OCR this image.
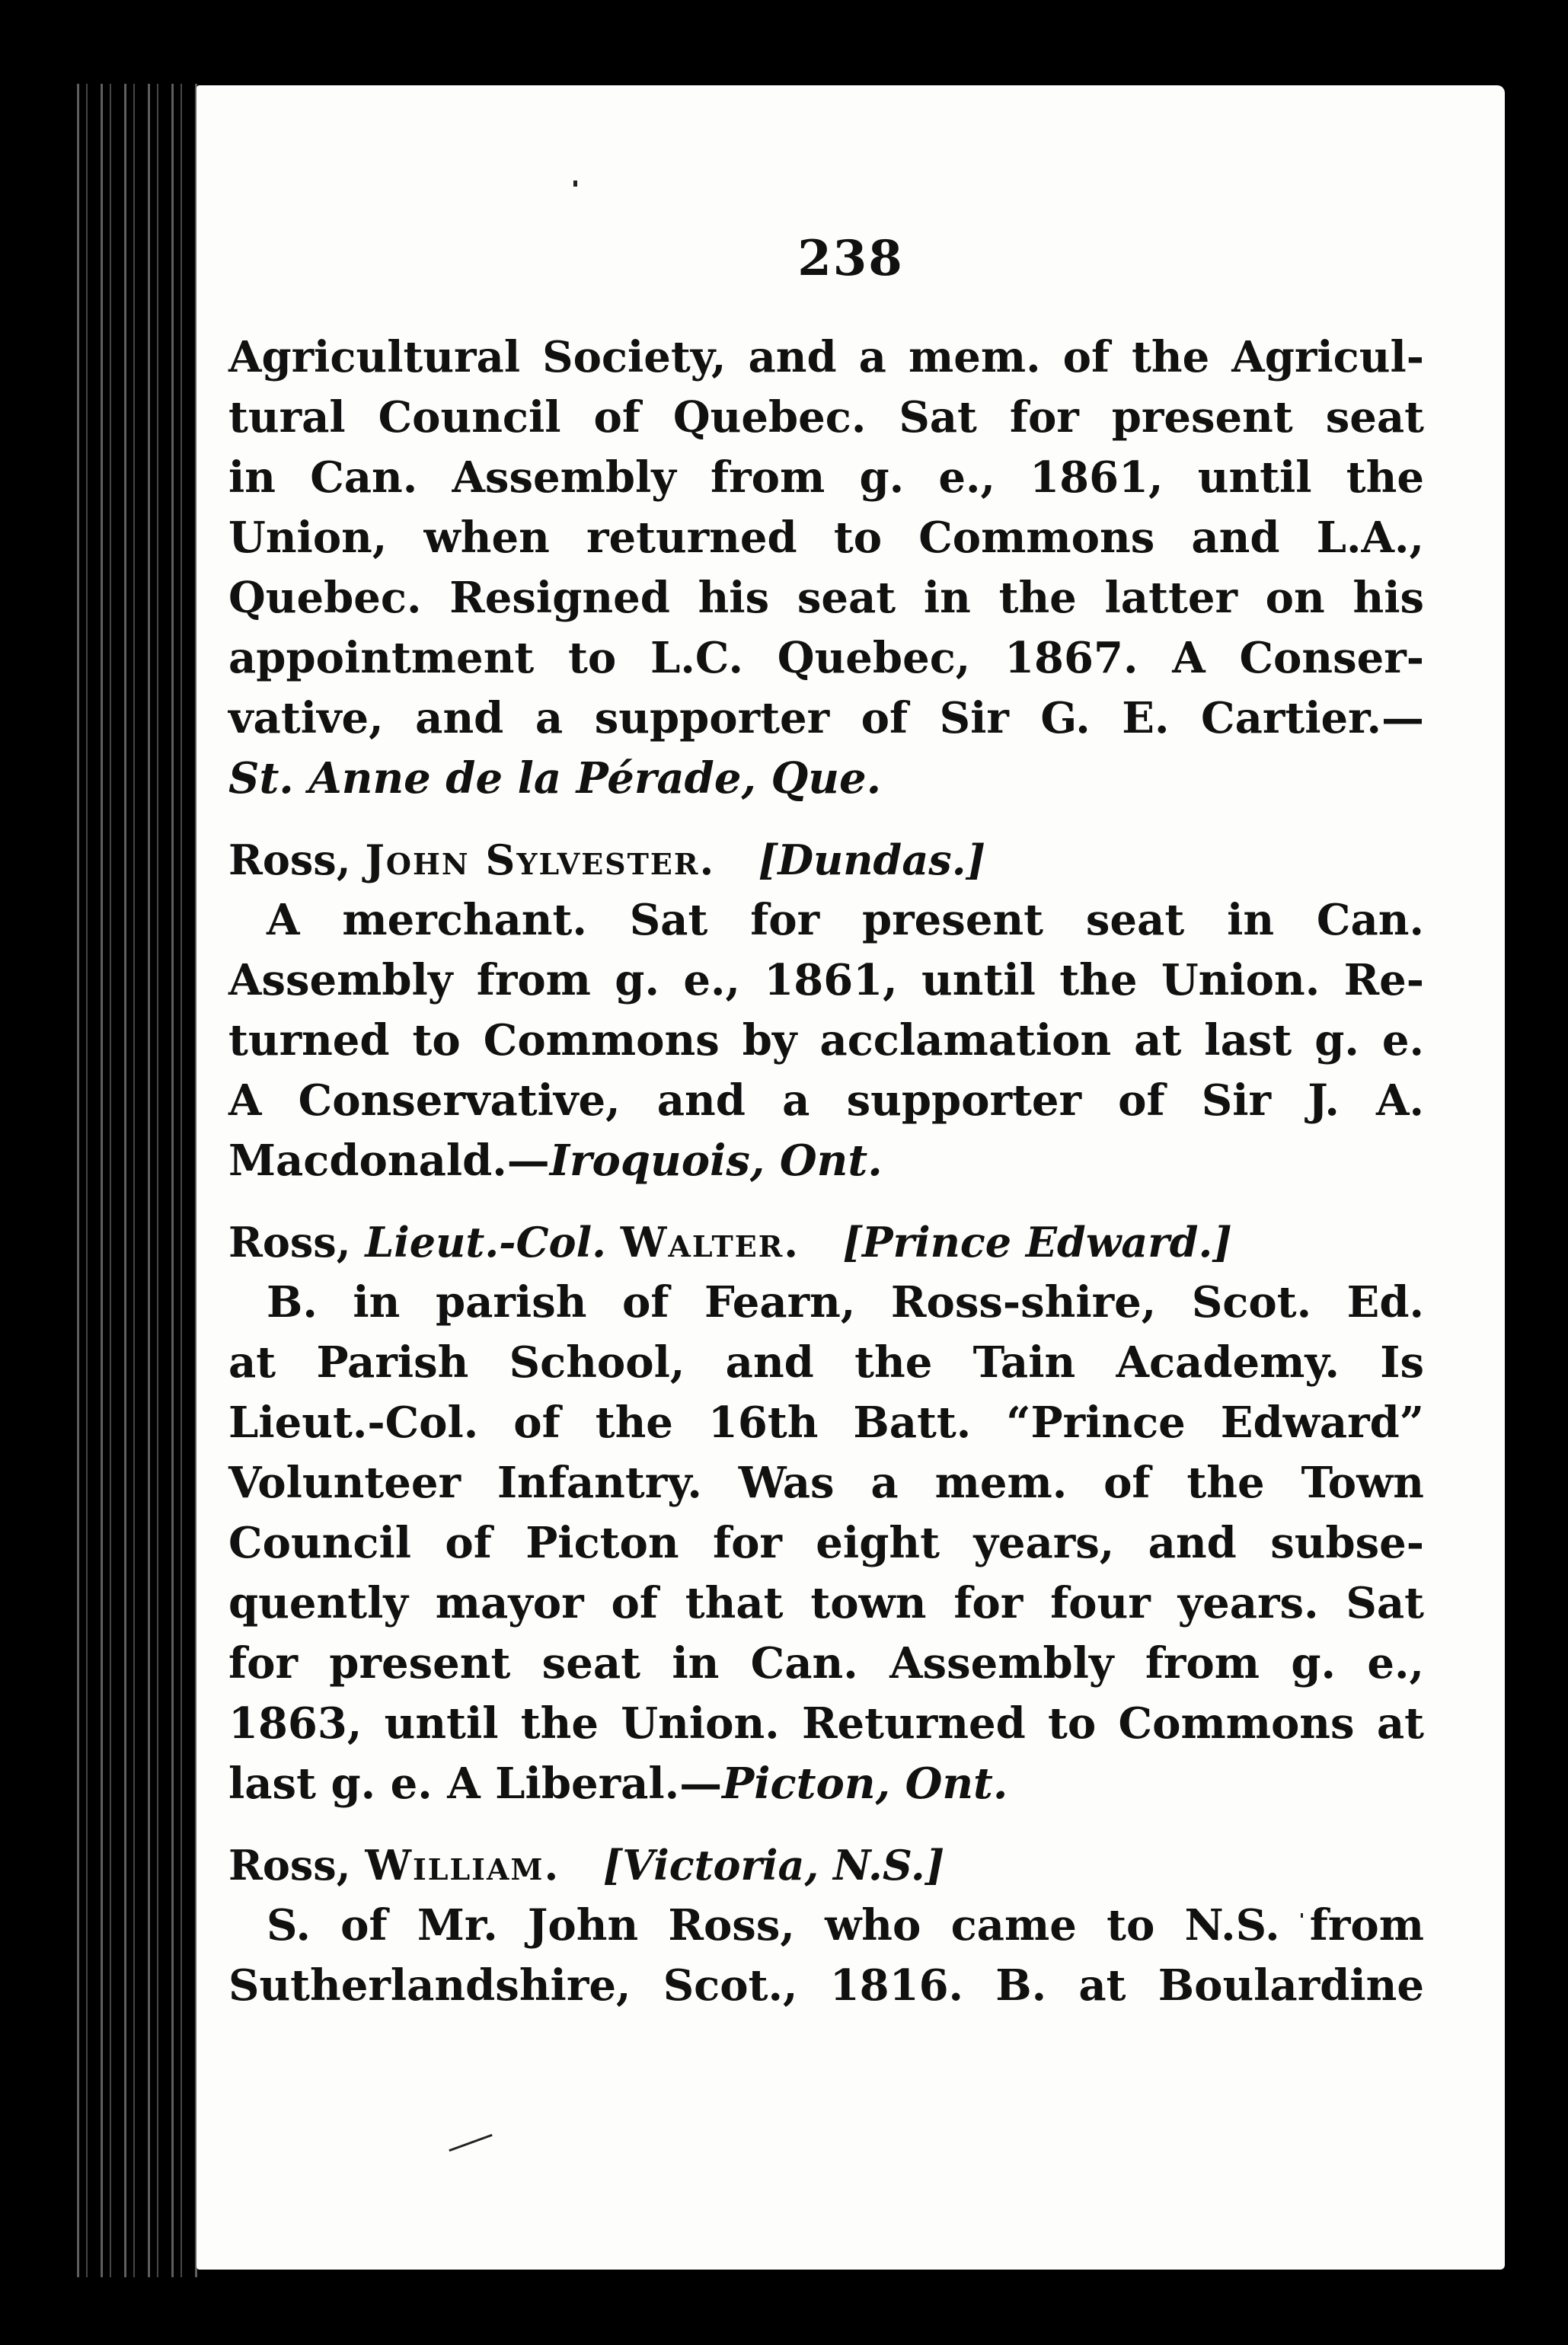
238
Agricultural Society, and a mem. of the Agricul-
tural Council of Quebec. Sat for present seat
in Can. Assembly from g. e., 1861, until the
Union, when returned to Commons and L.A.,
Quebec. Resigned his seat in the latter on his
appointment to L.C. Quebec, 1867. A Conser-
vative, and a supporter of Sir G. E. Cartier.—
St. Anne de la Pérade, Que.
Ross, John Sylvester. [Dundas.]
A merchant. Sat for present seat in Can.
Assembly from g. e., 1861, until the Union. Re-
turned to Commons by acclamation at last g. e.
A Conservative, and a supporter of Sir J. A.
Macdonald.—Iroquois, Ont.
Ross, Lieut.-Col. Walter. [Prince Edward.]
B. in parish of Fearn, Ross-shire, Scot. Ed.
at Parish School, and the Tain Academy. Is
Lieut.-Col. of the 16th Batt. “Prince Edward”
Volunteer Infantry. Was a mem. of the Town
Council of Picton for eight years, and subse-
quently mayor of that town for four years. Sat
for present seat in Can. Assembly from g. e.,
1863, until the Union. Returned to Commons at
last g. e. A Liberal.—Picton, Ont.
Ross, William. [Victoria, N.S.]
S. of Mr. John Ross, who came to N.S. from
Sutherlandshire, Scot., 1816. B. at Boulardine
